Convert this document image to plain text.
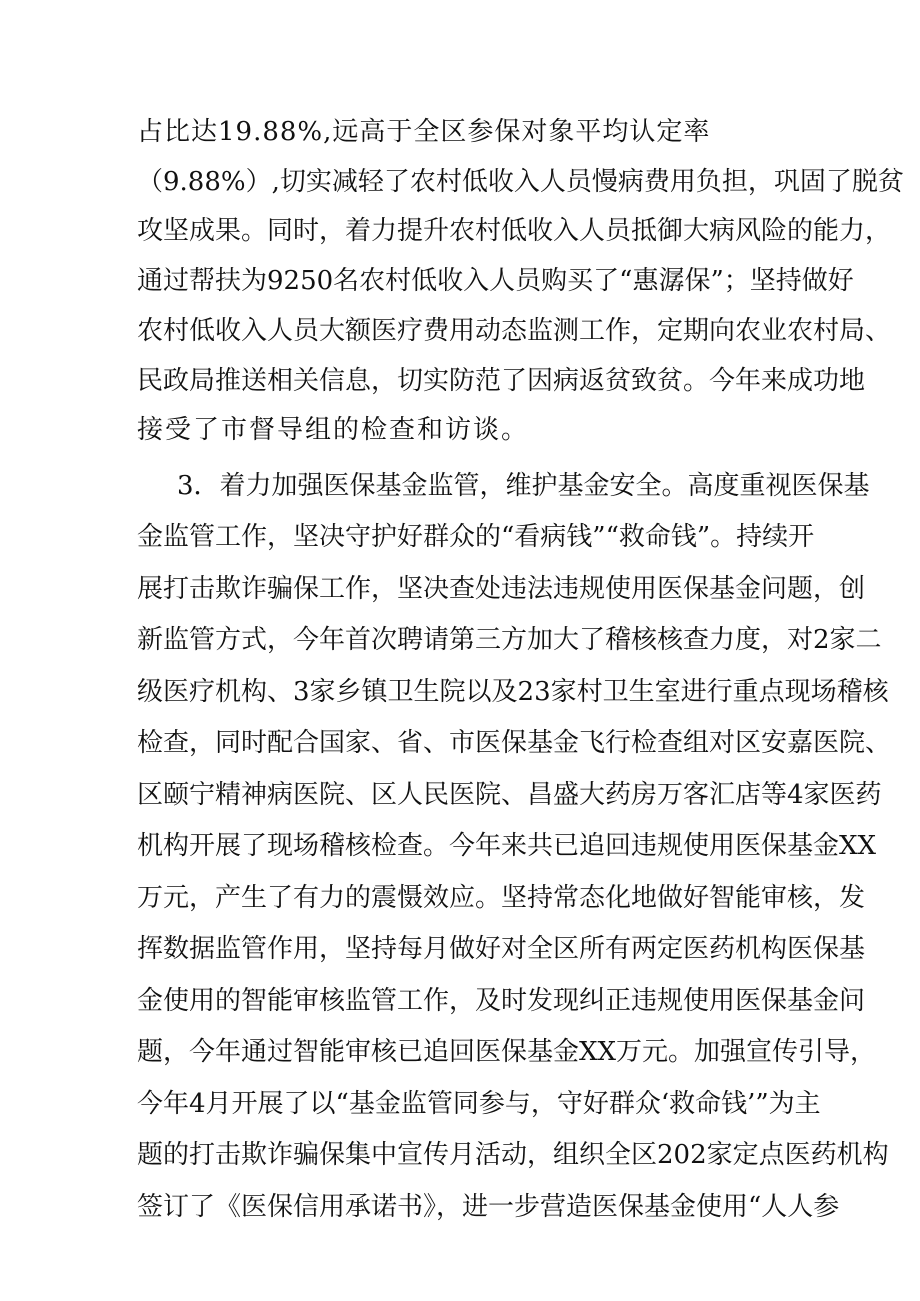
占比达19.88%,远高于全区参保对象平均认定率
（9.88%）,切实减轻了农村低收入人员慢病费用负担，巩固了脱贫
攻坚成果。同时，着力提升农村低收入人员抵御大病风险的能力，
通过帮扶为9250名农村低收入人员购买了“惠潺保”；坚持做好
农村低收入人员大额医疗费用动态监测工作，定期向农业农村局、
民政局推送相关信息，切实防范了因病返贫致贫。今年来成功地
接受了市督导组的检查和访谈。
3．着力加强医保基金监管，维护基金安全。高度重视医保基
金监管工作，坚决守护好群众的“看病钱”“救命钱”。持续开
展打击欺诈骗保工作，坚决查处违法违规使用医保基金问题，创
新监管方式，今年首次聘请第三方加大了稽核核查力度，对2家二
级医疗机构、3家乡镇卫生院以及23家村卫生室进行重点现场稽核
检查，同时配合国家、省、市医保基金飞行检查组对区安嘉医院、
区颐宁精神病医院、区人民医院、昌盛大药房万客汇店等4家医药
机构开展了现场稽核检查。今年来共已追回违规使用医保基金XX
万元，产生了有力的震慑效应。坚持常态化地做好智能审核，发
挥数据监管作用，坚持每月做好对全区所有两定医药机构医保基
金使用的智能审核监管工作，及时发现纠正违规使用医保基金问
题，今年通过智能审核已追回医保基金XX万元。加强宣传引导，
今年4月开展了以“基金监管同参与，守好群众‘救命钱’”为主
题的打击欺诈骗保集中宣传月活动，组织全区202家定点医药机构
签订了《医保信用承诺书》，进一步营造医保基金使用“人人参
